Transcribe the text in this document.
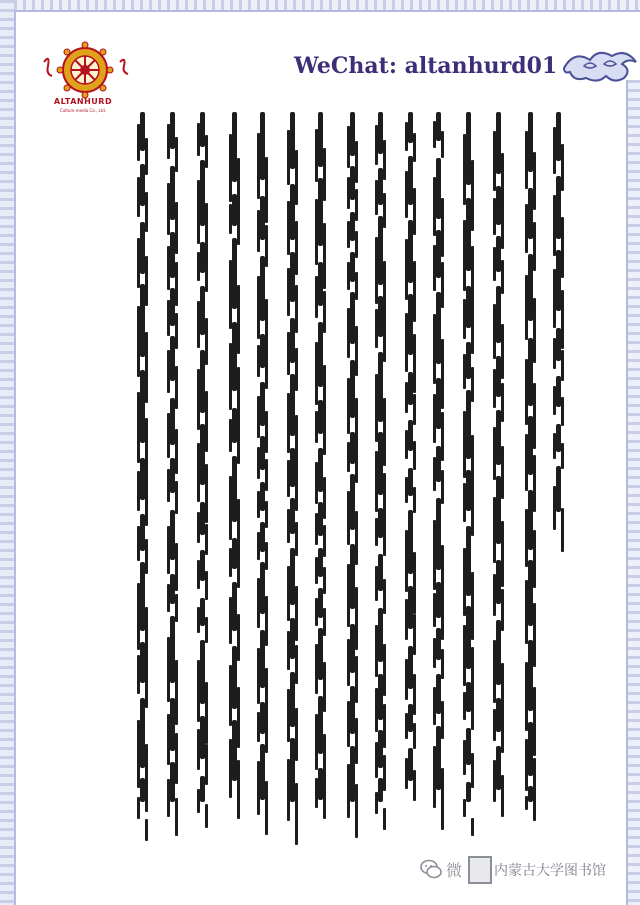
ALTANHURD
Culture media Co., Ltd.
WeChat: altanhurd01
微 内蒙古大学图书馆
